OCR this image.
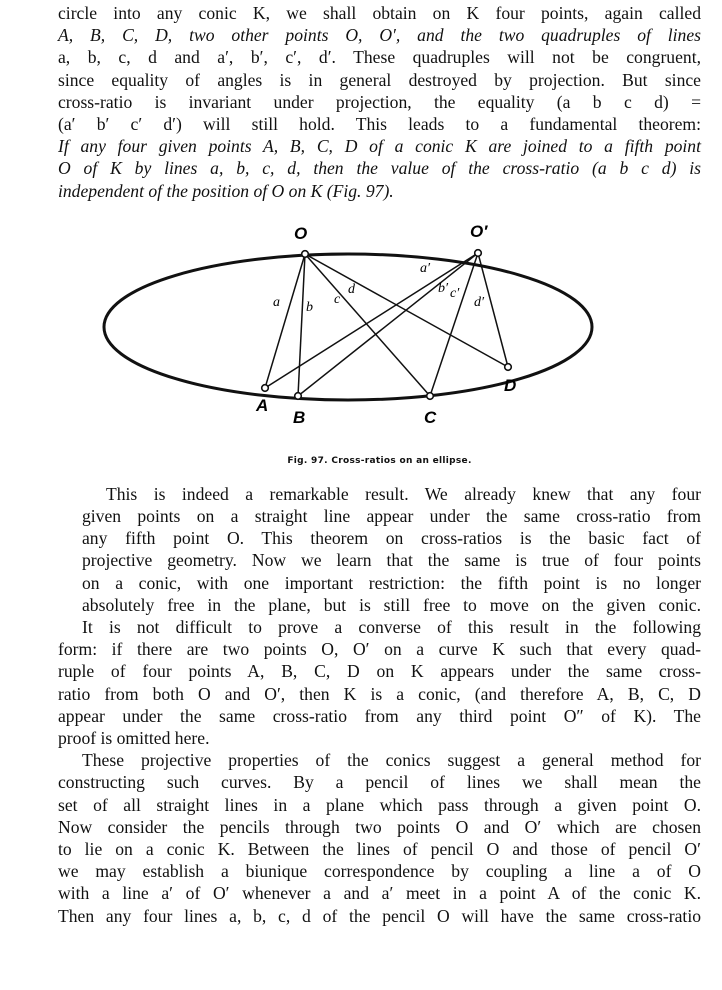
circle into any conic K, we shall obtain on K four points, again called
A, B, C, D, two other points O, O′, and the two quadruples of lines
a, b, c, d and a′, b′, c′, d′. These quadruples will not be congruent,
since equality of angles is in general destroyed by projection. But since
cross-ratio is invariant under projection, the equality (a b c d) =
(a′ b′ c′ d′) will still hold. This leads to a fundamental theorem:
If any four given points A, B, C, D of a conic K are joined to a fifth point
O of K by lines a, b, c, d, then the value of the cross-ratio (a b c d) is
independent of the position of O on K (Fig. 97).

O	O′
A
B	C
D
a b
c
d
a′
b′ c′
d′
Fig. 97. Cross-ratios on an ellipse.

This is indeed a remarkable result. We already knew that any four
given points on a straight line appear under the same cross-ratio from
any fifth point O. This theorem on cross-ratios is the basic fact of
projective geometry. Now we learn that the same is true of four points
on a conic, with one important restriction: the fifth point is no longer
absolutely free in the plane, but is still free to move on the given conic.

It is not difficult to prove a converse of this result in the following
form: if there are two points O, O′ on a curve K such that every quad-
ruple of four points A, B, C, D on K appears under the same cross-
ratio from both O and O′, then K is a conic, (and therefore A, B, C, D
appear under the same cross-ratio from any third point O″ of K). The
proof is omitted here.

These projective properties of the conics suggest a general method for
constructing such curves. By a pencil of lines we shall mean the
set of all straight lines in a plane which pass through a given point O.
Now consider the pencils through two points O and O′ which are chosen
to lie on a conic K. Between the lines of pencil O and those of pencil O′
we may establish a biunique correspondence by coupling a line a of O
with a line a′ of O′ whenever a and a′ meet in a point A of the conic K.
Then any four lines a, b, c, d of the pencil O will have the same cross-ratio
